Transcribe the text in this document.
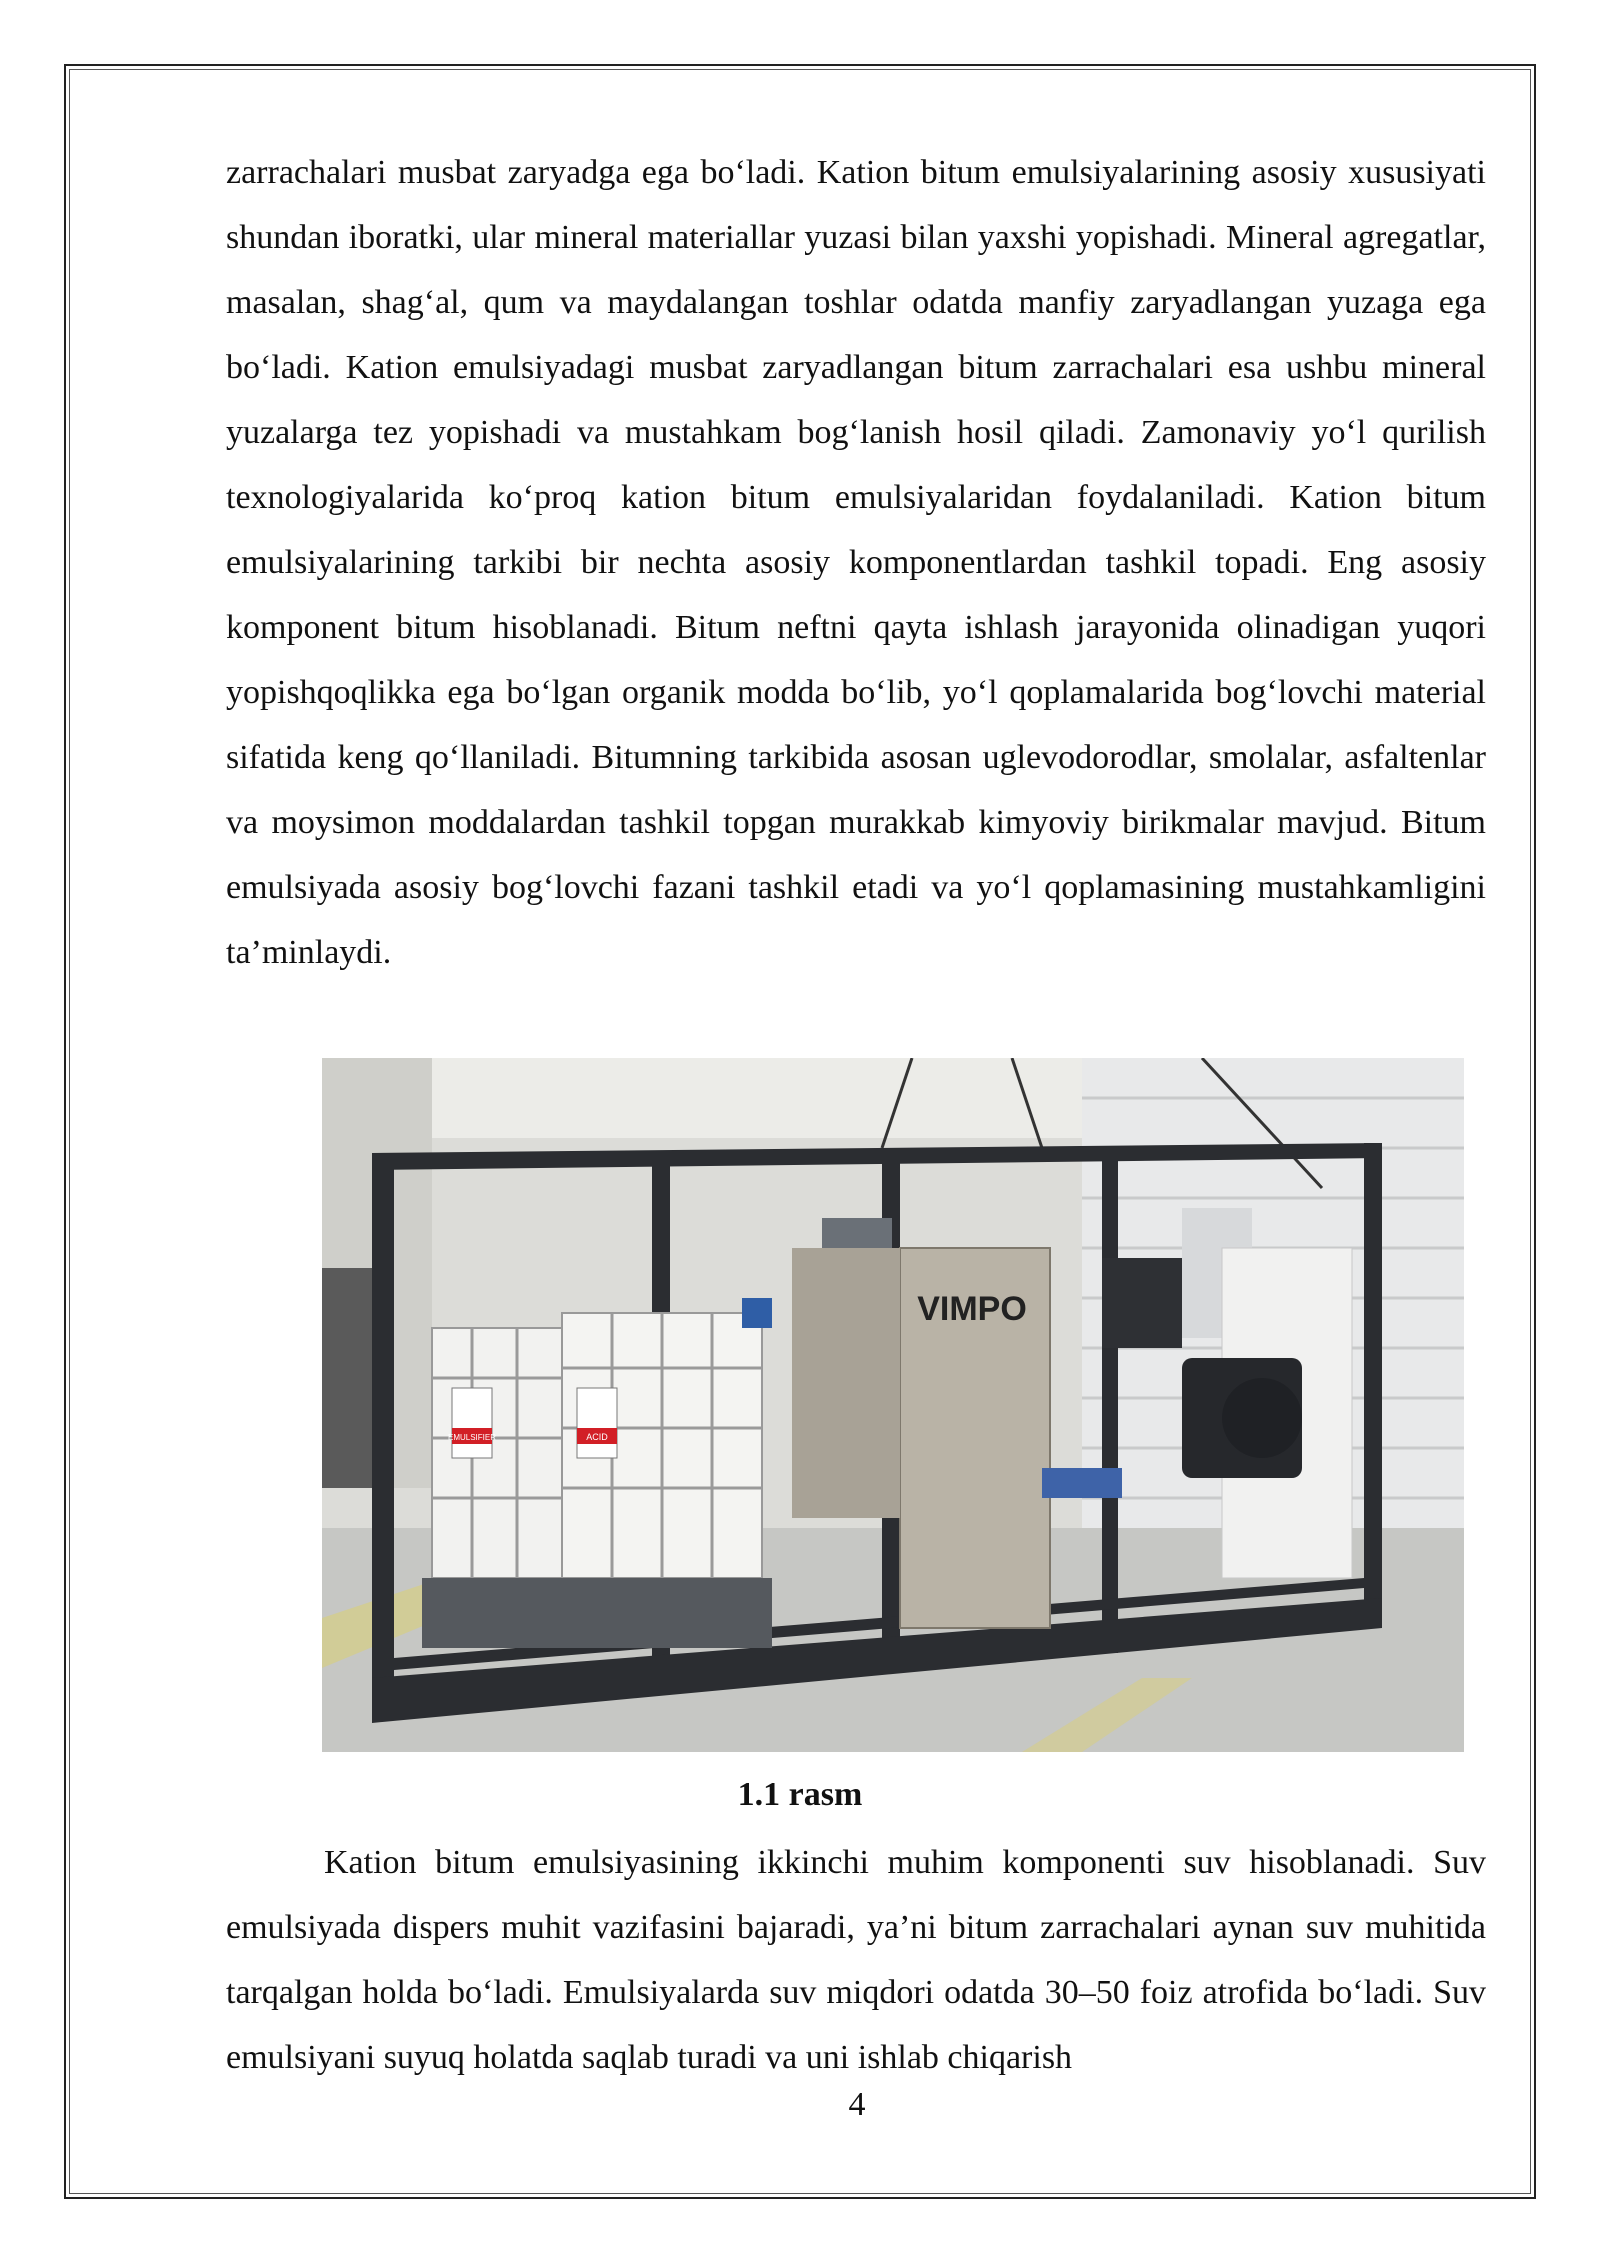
zarrachalari musbat zaryadga ega bo‘ladi. Kation bitum emulsiyalarining asosiy xususiyati shundan iboratki, ular mineral materiallar yuzasi bilan yaxshi yopishadi. Mineral agregatlar, masalan, shag‘al, qum va maydalangan toshlar odatda manfiy zaryadlangan yuzaga ega bo‘ladi. Kation emulsiyadagi musbat zaryadlangan bitum zarrachalari esa ushbu mineral yuzalarga tez yopishadi va mustahkam bog‘lanish hosil qiladi. Zamonaviy yo‘l qurilish texnologiyalarida ko‘proq kation bitum emulsiyalaridan foydalaniladi. Kation bitum emulsiyalarining tarkibi bir nechta asosiy komponentlardan tashkil topadi. Eng asosiy komponent bitum hisoblanadi. Bitum neftni qayta ishlash jarayonida olinadigan yuqori yopishqoqlikka ega bo‘lgan organik modda bo‘lib, yo‘l qoplamalarida bog‘lovchi material sifatida keng qo‘llaniladi. Bitumning tarkibida asosan uglevodorodlar, smolalar, asfaltenlar va moysimon moddalardan tashkil topgan murakkab kimyoviy birikmalar mavjud. Bitum emulsiyada asosiy bog‘lovchi fazani tashkil etadi va yo‘l qoplamasining mustahkamligini ta’minlaydi.

EMULSIFIER	ACID
VIMPO
1.1 rasm

Kation bitum emulsiyasining ikkinchi muhim komponenti suv hisoblanadi. Suv emulsiyada dispers muhit vazifasini bajaradi, ya’ni bitum zarrachalari aynan suv muhitida tarqalgan holda bo‘ladi. Emulsiyalarda suv miqdori odatda 30–50 foiz atrofida bo‘ladi. Suv emulsiyani suyuq holatda saqlab turadi va uni ishlab chiqarish

4
